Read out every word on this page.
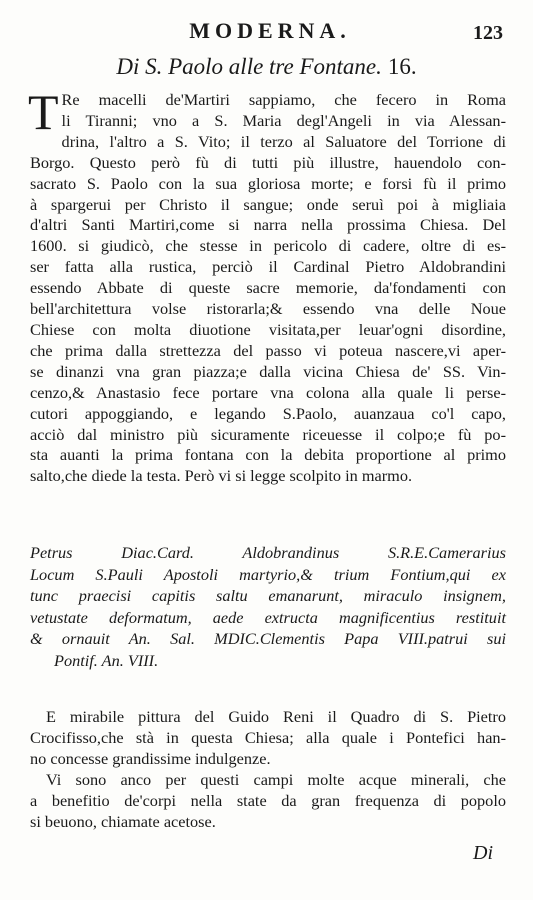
MODERNA.	123
Di S. Paolo alle tre Fontane. 16.
T Re macelli de'Martiri sappiamo, che fecero in Roma
li Tiranni; vno a S. Maria degl'Angeli in via Alessan-
drina, l'altro a S. Vito; il terzo al Saluatore del Torrione di
Borgo. Questo però fù di tutti più illustre, hauendolo con-
sacrato S. Paolo con la sua gloriosa morte; e forsi fù il primo
à spargerui per Christo il sangue; onde seruì poi à migliaia
d'altri Santi Martiri,come si narra nella prossima Chiesa. Del
1600. si giudicò, che stesse in pericolo di cadere, oltre di es-
ser fatta alla rustica, perciò il Cardinal Pietro Aldobrandini
essendo Abbate di queste sacre memorie, da'fondamenti con
bell'architettura volse ristorarla;& essendo vna delle Noue
Chiese con molta diuotione visitata,per leuar'ogni disordine,
che prima dalla strettezza del passo vi poteua nascere,vi aper-
se dinanzi vna gran piazza;e dalla vicina Chiesa de' SS. Vin-
cenzo,& Anastasio fece portare vna colona alla quale li perse-
cutori appoggiando, e legando S.Paolo, auanzaua co'l capo,
acciò dal ministro più sicuramente riceuesse il colpo;e fù po-
sta auanti la prima fontana con la debita proportione al primo
salto,che diede la testa. Però vi si legge scolpito in marmo.
Petrus Diac.Card. Aldobrandinus S.R.E.Camerarius
Locum S.Pauli Apostoli martyrio,& trium Fontium,qui ex
tunc praecisi capitis saltu emanarunt, miraculo insignem,
vetustate deformatum, aede extructa magnificentius restituit
& ornauit An. Sal. MDIC.Clementis Papa VIII.patrui sui
Pontif. An. VIII.
E mirabile pittura del Guido Reni il Quadro di S. Pietro
Crocifisso,che stà in questa Chiesa; alla quale i Pontefici han-
no concesse grandissime indulgenze.
Vi sono anco per questi campi molte acque minerali, che
a benefitio de'corpi nella state da gran frequenza di popolo
si beuono, chiamate acetose.
Di
